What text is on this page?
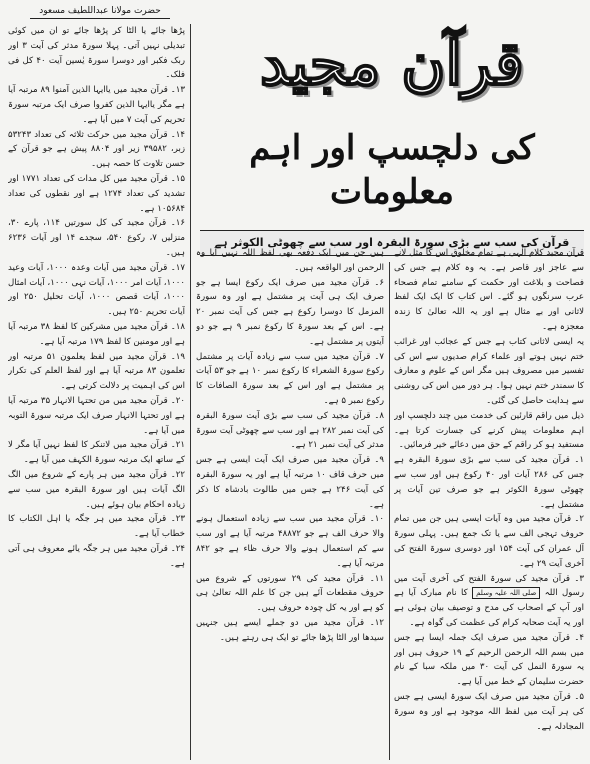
حضرت مولانا عبداللطیف مسعود
قرآن مجید
کی دلچسپ اور اہم معلومات
قرآن کی سب سے بڑی سورۃ البقرہ اور سب سے چھوٹی الکوثر ہے

قرآن مجید کلام الٰہی ہے تمام مخلوق اس کا مثل لانے سے عاجز اور قاصر ہے۔ یہ وہ کلام ہے جس کی فصاحت و بلاغت اور حکمت کے سامنے تمام فصحاء عرب سرنگوں ہو گئے۔ اس کتاب کا ایک ایک لفظ لاثانی اور بے مثال ہے اور یہ اللہ تعالیٰ کا زندہ معجزہ ہے۔

یہ ایسی لاثانی کتاب ہے جس کے عجائب اور غرائب ختم نہیں ہوتے اور علماء کرام صدیوں سے اس کی تفسیر میں مصروف ہیں مگر اس کے علوم و معارف کا سمندر ختم نہیں ہوا۔ ہر دور میں اس کی روشنی سے ہدایت حاصل کی گئی۔

ذیل میں راقم قارئین کی خدمت میں چند دلچسپ اور اہم معلومات پیش کرنے کی جسارت کرتا ہے۔ مستفید ہو کر راقم کے حق میں دعائے خیر فرمائیں۔

۱۔ قرآن مجید کی سب سے بڑی سورۃ البقرہ ہے جس کی ۲۸۶ آیات اور ۴۰ رکوع ہیں اور سب سے چھوٹی سورۃ الکوثر ہے جو صرف تین آیات پر مشتمل ہے۔

۲۔ قرآن مجید میں وہ آیات ایسی ہیں جن میں تمام حروف تہجی الف سے یا تک جمع ہیں۔ پہلی سورۃ آل عمران کی آیت ۱۵۴ اور دوسری سورۃ الفتح کی آخری آیت ۲۹ ہے۔

۳۔ قرآن مجید کی سورۃ الفتح کی آخری آیت میں رسول اللہ صلی اللہ علیہ وسلم کا نام مبارک آیا ہے اور آپ کے اصحاب کی مدح و توصیف بیان ہوئی ہے اور یہ آیت صحابہ کرام کی عظمت کی گواہ ہے۔

۴۔ قرآن مجید میں صرف ایک جملہ ایسا ہے جس میں بسم اللہ الرحمن الرحیم کے ۱۹ حروف ہیں اور یہ سورۃ النمل کی آیت ۳۰ میں ملکہ سبا کے نام حضرت سلیمان کے خط میں آیا ہے۔

۵۔ قرآن مجید میں صرف ایک سورۃ ایسی ہے جس کی ہر آیت میں لفظ اللہ موجود ہے اور وہ سورۃ المجادلہ ہے۔

ہیں جن میں ایک دفعہ بھی لفظ اللہ نہیں آیا وہ الرحمن اور الواقعہ ہیں۔

۶۔ قرآن مجید میں صرف ایک رکوع ایسا ہے جو صرف ایک ہی آیت پر مشتمل ہے اور وہ سورۃ المزمل کا دوسرا رکوع ہے جس کی آیت نمبر ۲۰ ہے۔ اس کے بعد سورۃ کا رکوع نمبر ۹ ہے جو دو آیتوں پر مشتمل ہے۔

۷۔ قرآن مجید میں سب سے زیادہ آیات پر مشتمل رکوع سورۃ الشعراء کا رکوع نمبر ۱۰ ہے جو ۵۳ آیات پر مشتمل ہے اور اس کے بعد سورۃ الصافات کا رکوع نمبر ۵ ہے۔

۸۔ قرآن مجید کی سب سے بڑی آیت سورۃ البقرہ کی آیت نمبر ۲۸۲ ہے اور سب سے چھوٹی آیت سورۃ مدثر کی آیت نمبر ۲۱ ہے۔

۹۔ قرآن مجید میں صرف ایک آیت ایسی ہے جس میں حرف قاف ۱۰ مرتبہ آیا ہے اور یہ سورۃ البقرہ کی آیت ۲۴۶ ہے جس میں طالوت بادشاہ کا ذکر ہے۔

۱۰۔ قرآن مجید میں سب سے زیادہ استعمال ہونے والا حرف الف ہے جو ۴۸۸۷۲ مرتبہ آیا ہے اور سب سے کم استعمال ہونے والا حرف ظاء ہے جو ۸۴۲ مرتبہ آیا ہے۔

۱۱۔ قرآن مجید کی ۲۹ سورتوں کے شروع میں حروف مقطعات آئے ہیں جن کا علم اللہ تعالیٰ ہی کو ہے اور یہ کل چودہ حروف ہیں۔

۱۲۔ قرآن مجید میں دو جملے ایسے ہیں جنہیں سیدھا اور الٹا پڑھا جائے تو ایک ہی رہتے ہیں۔

پڑھا جائے یا الٹا کر پڑھا جائے تو ان میں کوئی تبدیلی نہیں آتی۔ پہلا سورۃ مدثر کی آیت ۳ اور ربک فکبر اور دوسرا سورۃ یٰسین آیت ۴۰ کل فی فلک۔

۱۳۔ قرآن مجید میں یاایہا الذین آمنوا ۸۹ مرتبہ آیا ہے مگر یاایہا الذین کفروا صرف ایک مرتبہ سورۃ تحریم کی آیت ۷ میں آیا ہے۔

۱۴۔ قرآن مجید میں حرکت ثلاثہ کی تعداد ۵۳۲۴۳ زبر، ۳۹۵۸۲ زیر اور ۸۸۰۴ پیش ہے جو قرآن کے حسن تلاوت کا حصہ ہیں۔

۱۵۔ قرآن مجید میں کل مدات کی تعداد ۱۷۷۱ اور تشدید کی تعداد ۱۲۷۴ ہے اور نقطوں کی تعداد ۱۰۵۶۸۴ ہے۔

۱۶۔ قرآن مجید کی کل سورتیں ۱۱۴، پارے ۳۰، منزلیں ۷، رکوع ۵۴۰، سجدے ۱۴ اور آیات ۶۲۳۶ ہیں۔

۱۷۔ قرآن مجید میں آیات وعدہ ۱۰۰۰، آیات وعید ۱۰۰۰، آیات امر ۱۰۰۰، آیات نہی ۱۰۰۰، آیات امثال ۱۰۰۰، آیات قصص ۱۰۰۰، آیات تحلیل ۲۵۰ اور آیات تحریم ۲۵۰ ہیں۔

۱۸۔ قرآن مجید میں مشرکین کا لفظ ۳۸ مرتبہ آیا ہے اور مومنین کا لفظ ۱۷۹ مرتبہ آیا ہے۔

۱۹۔ قرآن مجید میں لفظ یعلمون ۵۱ مرتبہ اور تعلمون ۸۳ مرتبہ آیا ہے اور لفظ العلم کی تکرار اس کی اہمیت پر دلالت کرتی ہے۔

۲۰۔ قرآن مجید میں من تحتہا الانہار ۳۵ مرتبہ آیا ہے اور تحتہا الانہار صرف ایک مرتبہ سورۃ التوبہ میں آیا ہے۔

۲۱۔ قرآن مجید میں لاتنکر کا لفظ نہیں آیا مگر لا کے ساتھ ایک مرتبہ سورۃ الکہف میں آیا ہے۔

۲۲۔ قرآن مجید میں ہر پارے کے شروع میں الگ الگ آیات ہیں اور سورۃ البقرہ میں سب سے زیادہ احکام بیان ہوئے ہیں۔

۲۳۔ قرآن مجید میں ہر جگہ یا اہل الکتاب کا خطاب آیا ہے۔

۲۴۔ قرآن مجید میں ہر جگہ یائے معروف ہی آتی ہے۔
